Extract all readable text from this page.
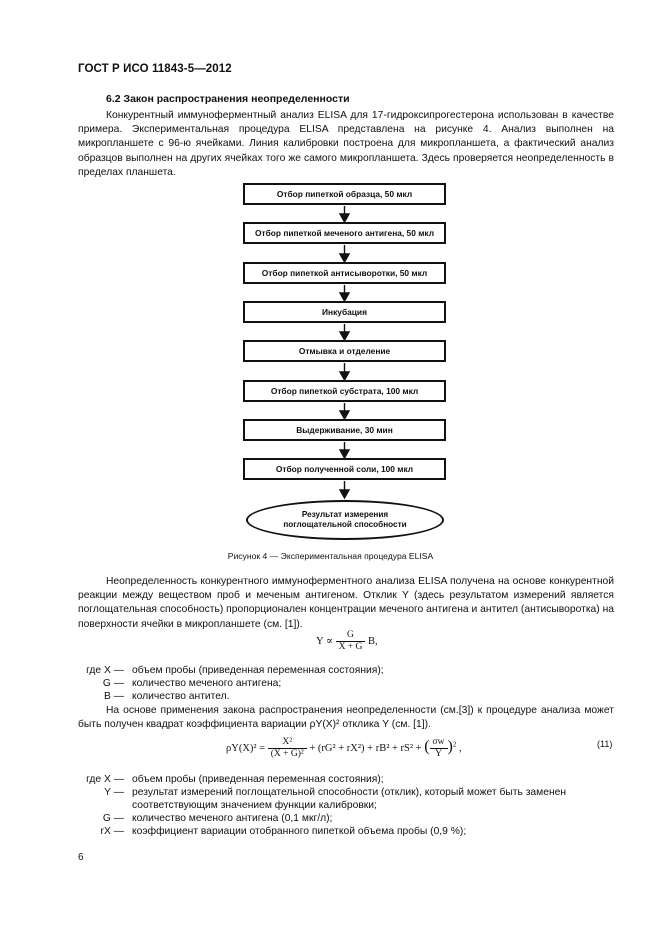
ГОСТ Р ИСО 11843-5—2012
6.2 Закон распространения неопределенности
Конкурентный иммуноферментный анализ ELISA для 17-гидроксипрогестерона использован в качестве примера. Экспериментальная процедура ELISA представлена на рисунке 4. Анализ выполнен на микропланшете с 96-ю ячейками. Линия калибровки построена для микропланшета, а фактический анализ образцов выполнен на других ячейках того же самого микропланшета. Здесь проверяется неопределенность в пределах планшета.
Отбор пипеткой образца, 50 мкл
Отбор пипеткой меченого антигена, 50 мкл
Отбор пипеткой антисыворотки, 50 мкл
Инкубация
Отмывка и отделение
Отбор пипеткой субстрата, 100 мкл
Выдерживание, 30 мин
Отбор полученной соли, 100 мкл
Результат измерения поглощательной способности
Рисунок 4 — Экспериментальная процедура ELISA
Неопределенность конкурентного иммуноферментного анализа ELISA получена на основе конкурентной реакции между веществом проб и меченым антигеном. Отклик Y (здесь результатом измерений является поглощательная способность) пропорционален концентрации меченого антигена и антител (антисыворотка) на поверхности ячейки в микропланшете (см. [1]).
$Y \propto \frac{G}{X + G} B$,
где X — объем пробы (приведенная переменная состояния);
G — количество меченого антигена;
B — количество антител.
На основе применения закона распространения неопределенности (см.[3]) к процедуре анализа может быть получен квадрат коэффициента вариации ρY(X)² отклика Y (см. [1]).
$\rho Y(X)^2 = \frac{\text{X²}}{\text{(X + G)²}} + (rG^2 + rX^2) + rB^2 + rS^2$ + ( $\frac{\sigma w}{Y} )^2$ ,	(11)
где X — объем пробы (приведенная переменная состояния);
Y — результат измерений поглощательной способности (отклик), который может быть заменен соответствующим значением функции калибровки;
G — количество меченого антигена (0,1 мкг/л);
rX — коэффициент вариации отобранного пипеткой объема пробы (0,9 %);
6
